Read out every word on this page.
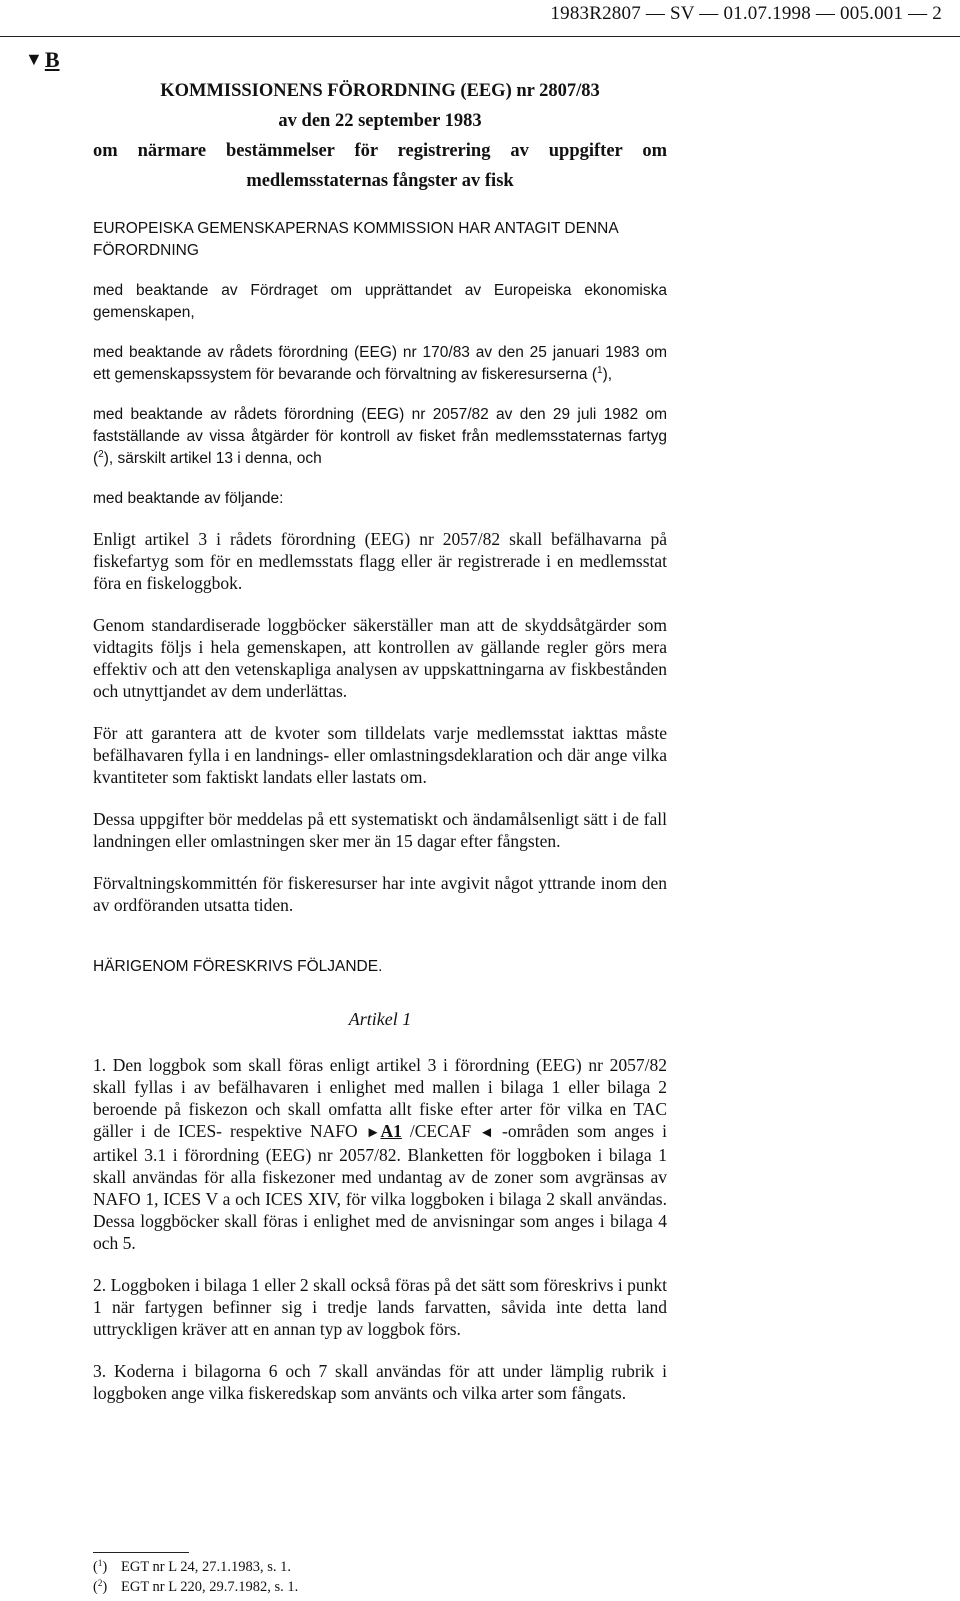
1983R2807 — SV — 01.07.1998 — 005.001 — 2
▼B

KOMMISSIONENS FÖRORDNING (EEG) nr 2807/83

av den 22 september 1983

om närmare bestämmelser för registrering av uppgifter om

medlemsstaternas fångster av fisk

EUROPEISKA GEMENSKAPERNAS KOMMISSION HAR ANTAGIT DENNA FÖRORDNING

med beaktande av Fördraget om upprättandet av Europeiska ekonomiska gemenskapen,

med beaktande av rådets förordning (EEG) nr 170/83 av den 25 januari 1983 om ett gemenskapssystem för bevarande och förvaltning av fiskeresurserna ($^1$),

med beaktande av rådets förordning (EEG) nr 2057/82 av den 29 juli 1982 om fastställande av vissa åtgärder för kontroll av fisket från medlemsstaternas fartyg ($^2$), särskilt artikel 13 i denna, och

med beaktande av följande:

Enligt artikel 3 i rådets förordning (EEG) nr 2057/82 skall befälhavarna på fiskefartyg som för en medlemsstats flagg eller är registrerade i en medlemsstat föra en fiskeloggbok.

Genom standardiserade loggböcker säkerställer man att de skyddsåtgärder som vidtagits följs i hela gemenskapen, att kontrollen av gällande regler görs mera effektiv och att den vetenskapliga analysen av uppskattningarna av fiskbestånden och utnyttjandet av dem underlättas.

För att garantera att de kvoter som tilldelats varje medlemsstat iakttas måste befälhavaren fylla i en landnings- eller omlastningsdeklaration och där ange vilka kvantiteter som faktiskt landats eller lastats om.

Dessa uppgifter bör meddelas på ett systematiskt och ändamålsenligt sätt i de fall landningen eller omlastningen sker mer än 15 dagar efter fångsten.

Förvaltningskommittén för fiskeresurser har inte avgivit något yttrande inom den av ordföranden utsatta tiden.

HÄRIGENOM FÖRESKRIVS FÖLJANDE.

Artikel 1

1. Den loggbok som skall föras enligt artikel 3 i förordning (EEG) nr 2057/82 skall fyllas i av befälhavaren i enlighet med mallen i bilaga 1 eller bilaga 2 beroende på fiskezon och skall omfatta allt fiske efter arter för vilka en TAC gäller i de ICES- respektive NAFO ►A1 /CECAF ◄ -områden som anges i artikel 3.1 i förordning (EEG) nr 2057/82. Blanketten för loggboken i bilaga 1 skall användas för alla fiskezoner med undantag av de zoner som avgränsas av NAFO 1, ICES V a och ICES XIV, för vilka loggboken i bilaga 2 skall användas. Dessa loggböcker skall föras i enlighet med de anvisningar som anges i bilaga 4 och 5.

2. Loggboken i bilaga 1 eller 2 skall också föras på det sätt som föreskrivs i punkt 1 när fartygen befinner sig i tredje lands farvatten, såvida inte detta land uttryckligen kräver att en annan typ av loggbok förs.

3. Koderna i bilagorna 6 och 7 skall användas för att under lämplig rubrik i loggboken ange vilka fiskeredskap som använts och vilka arter som fångats.

($^1$) EGT nr L 24, 27.1.1983, s. 1.
($^2$) EGT nr L 220, 29.7.1982, s. 1.
